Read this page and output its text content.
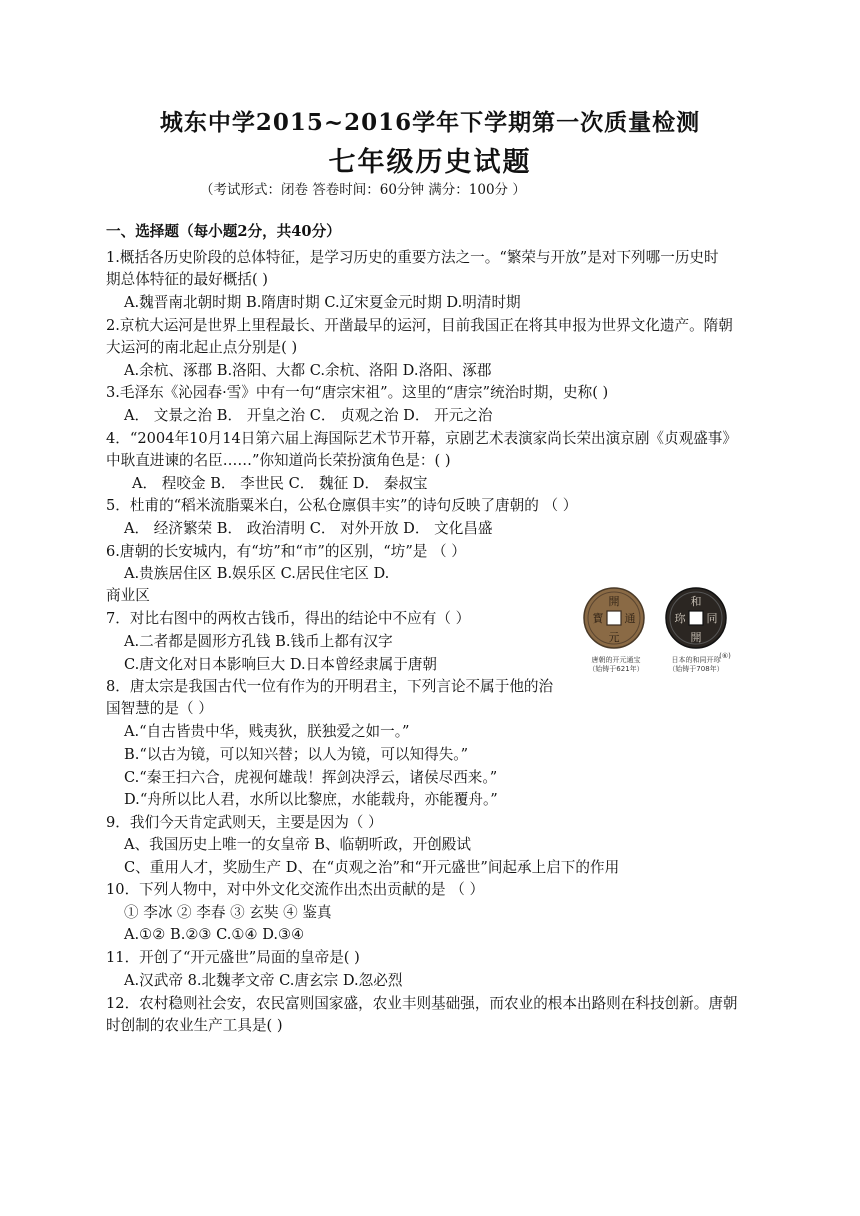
城东中学2015~2016学年下学期第一次质量检测
七年级历史试题
（考试形式：闭卷 答卷时间：60分钟 满分：100分 ）
一、选择题（每小题2分，共40分）
1.概括各历史阶段的总体特征，是学习历史的重要方法之一。“繁荣与开放”是对下列哪一历史时
期总体特征的最好概括( )
A.魏晋南北朝时期 B.隋唐时期 C.辽宋夏金元时期 D.明清时期
2.京杭大运河是世界上里程最长、开凿最早的运河，目前我国正在将其申报为世界文化遗产。隋朝
大运河的南北起止点分别是( )
A.余杭、涿郡 B.洛阳、大都 C.余杭、洛阳 D.洛阳、涿郡
3.毛泽东《沁园春·雪》中有一句“唐宗宋祖”。这里的“唐宗”统治时期，史称( )
A． 文景之治 B． 开皇之治 C． 贞观之治 D． 开元之治
4．“2004年10月14日第六届上海国际艺术节开幕，京剧艺术表演家尚长荣出演京剧《贞观盛事》
中耿直进谏的名臣……”你知道尚长荣扮演角色是：( )
A． 程咬金 B． 李世民 C． 魏征 D． 秦叔宝
5．杜甫的“稻米流脂粟米白，公私仓廪俱丰实”的诗句反映了唐朝的 （ ）
A． 经济繁荣 B． 政治清明 C． 对外开放 D． 文化昌盛
6.唐朝的长安城内，有“坊”和“市”的区别，“坊”是 （ ）
A.贵族居住区 B.娱乐区 C.居民住宅区 D.
商业区
7．对比右图中的两枚古钱币，得出的结论中不应有（ ）
A.二者都是圆形方孔钱 B.钱币上都有汉字
C.唐文化对日本影响巨大 D.日本曾经隶属于唐朝
開
元
通
寳
和
開
同
珎
唐朝的开元通宝（始铸于621年）
日本的和同开珎（始铸于708年）
(⑥)
8．唐太宗是我国古代一位有作为的开明君主，下列言论不属于他的治
国智慧的是（ ）
A.“自古皆贵中华，贱夷狄，朕独爱之如一。”
B.“以古为镜，可以知兴替；以人为镜，可以知得失。”
C.“秦王扫六合，虎视何雄哉！挥剑决浮云，诸侯尽西来。”
D.“舟所以比人君，水所以比黎庶，水能载舟，亦能覆舟。”
9．我们今天肯定武则天，主要是因为（ ）
A、我国历史上唯一的女皇帝 B、临朝听政，开创殿试
C、重用人才，奖励生产 D、在“贞观之治”和“开元盛世”间起承上启下的作用
10．下列人物中，对中外文化交流作出杰出贡献的是 （ ）
① 李冰 ② 李春 ③ 玄奘 ④ 鉴真
A.①② B.②③ C.①④ D.③④
11．开创了“开元盛世”局面的皇帝是( )
A.汉武帝 8.北魏孝文帝 C.唐玄宗 D.忽必烈
12．农村稳则社会安，农民富则国家盛，农业丰则基础强，而农业的根本出路则在科技创新。唐朝
时创制的农业生产工具是( )
